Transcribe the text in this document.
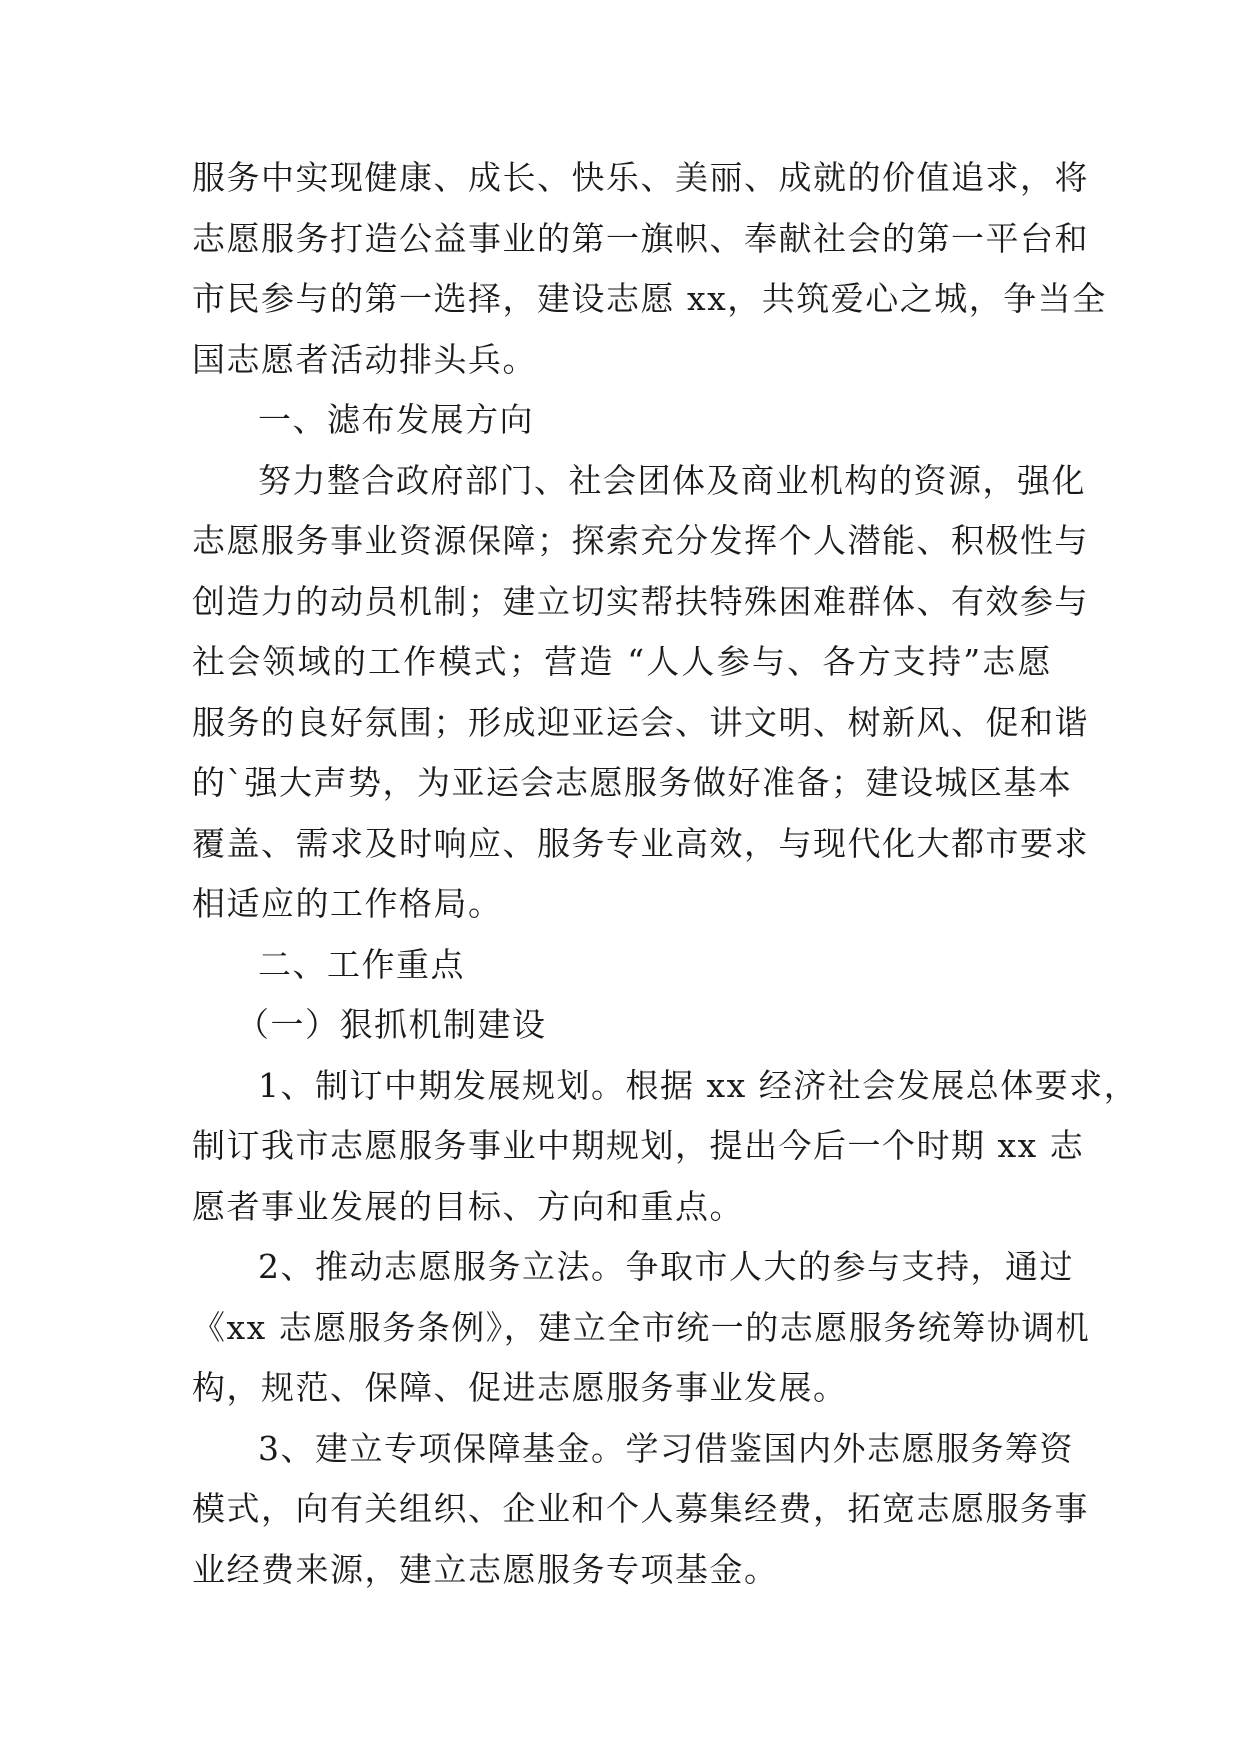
服务中实现健康、成长、快乐、美丽、成就的价值追求，将
志愿服务打造公益事业的第一旗帜、奉献社会的第一平台和
市民参与的第一选择，建设志愿 xx，共筑爱心之城，争当全
国志愿者活动排头兵。
一、滤布发展方向
努力整合政府部门、社会团体及商业机构的资源，强化
志愿服务事业资源保障；探索充分发挥个人潜能、积极性与
创造力的动员机制；建立切实帮扶特殊困难群体、有效参与
社会领域的工作模式；营造 “人人参与、各方支持”志愿
服务的良好氛围；形成迎亚运会、讲文明、树新风、促和谐
的`强大声势，为亚运会志愿服务做好准备；建设城区基本
覆盖、需求及时响应、服务专业高效，与现代化大都市要求
相适应的工作格局。
二、工作重点
（一）狠抓机制建设
1、制订中期发展规划。根据 xx 经济社会发展总体要求，
制订我市志愿服务事业中期规划，提出今后一个时期 xx 志
愿者事业发展的目标、方向和重点。
2、推动志愿服务立法。争取市人大的参与支持，通过
《xx 志愿服务条例》，建立全市统一的志愿服务统筹协调机
构，规范、保障、促进志愿服务事业发展。
3、建立专项保障基金。学习借鉴国内外志愿服务筹资
模式，向有关组织、企业和个人募集经费，拓宽志愿服务事
业经费来源，建立志愿服务专项基金。
